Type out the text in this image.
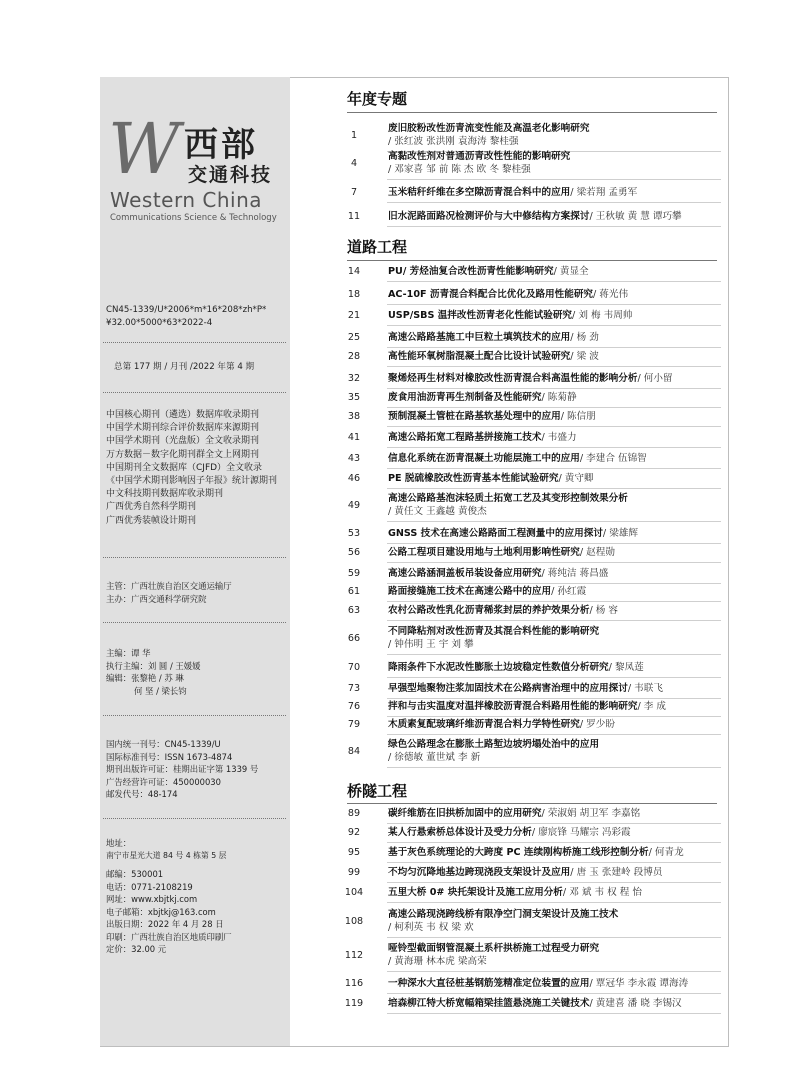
W 西部
交通科技
Western China
Communications Science & Technology
CN45-1339/U*2006*m*16*208*zh*P*
¥32.00*5000*63*2022-4
总第 177 期 / 月刊 /2022 年第 4 期
中国核心期刊（遴选）数据库收录期刊
中国学术期刊综合评价数据库来源期刊
中国学术期刊（光盘版）全文收录期刊
万方数据－数字化期刊群全文上网期刊
中国期刊全文数据库（CJFD）全文收录
《中国学术期刊影响因子年报》统计源期刊
中文科技期刊数据库收录期刊
广西优秀自然科学期刊
广西优秀装帧设计期刊
主管：广西壮族自治区交通运输厅
主办：广西交通科学研究院
主编：谭 华
执行主编：刘 圆 / 王媛媛
编辑：张黎艳 / 苏 琳
何 坚 / 梁长钧
国内统一刊号：CN45-1339/U
国际标准刊号：ISSN 1673-4874
期刊出版许可证：桂期出证字第 1339 号
广告经营许可证：450000030
邮发代号：48-174
地址：
南宁市星光大道 84 号 4 栋第 5 层
邮编：530001
电话：0771-2108219
网址：www.xbjtkj.com
电子邮箱：xbjtkj@163.com
出版日期：2022 年 4 月 28 日
印刷：广西壮族自治区地质印刷厂
定价：32.00 元
年度专题
道路工程
桥隧工程
1
废旧胶粉改性沥青流变性能及高温老化影响研究
/ 张红波 张洪刚 袁海涛 黎桂强
4
高黏改性剂对普通沥青改性性能的影响研究
/ 邓家喜 邹 前 陈 杰 欧 冬 黎桂强
7	玉米秸秆纤维在多空隙沥青混合料中的应用/ 梁若翔 孟勇军
11	旧水泥路面路况检测评价与大中修结构方案探讨/ 王秋敏 黄 慧 谭巧攀
14	PU/ 芳烃油复合改性沥青性能影响研究/ 黄显全
18	AC-10F 沥青混合料配合比优化及路用性能研究/ 蒋光伟
21	USP/SBS 温拌改性沥青老化性能试验研究/ 刘 梅 韦周帅
25	高速公路路基施工中巨粒土填筑技术的应用/ 杨 劲
28	高性能环氧树脂混凝土配合比设计试验研究/ 梁 波
32	聚烯烃再生材料对橡胶改性沥青混合料高温性能的影响分析/ 何小留
35	废食用油沥青再生剂制备及性能研究/ 陈菊静
38	预制混凝土管桩在路基软基处理中的应用/ 陈信朋
41	高速公路拓宽工程路基拼接施工技术/ 韦盛力
43	信息化系统在沥青混凝土功能层施工中的应用/ 李建合 伍锦智
46	PE 脱硫橡胶改性沥青基本性能试验研究/ 黄守卿
49
高速公路路基泡沫轻质土拓宽工艺及其变形控制效果分析
/ 黄任文 王鑫越 黄俊杰
53	GNSS 技术在高速公路路面工程测量中的应用探讨/ 梁雄辉
56	公路工程项目建设用地与土地利用影响性研究/ 赵程勋
59	高速公路涵洞盖板吊装设备应用研究/ 蒋纯洁 蒋昌盛
61	路面接缝施工技术在高速公路中的应用/ 孙红霞
63	农村公路改性乳化沥青稀浆封层的养护效果分析/ 杨 容
66
不同降粘剂对改性沥青及其混合料性能的影响研究
/ 钟伟明 王 宇 刘 攀
70	降雨条件下水泥改性膨胀土边坡稳定性数值分析研究/ 黎凤莲
73	早强型地聚物注浆加固技术在公路病害治理中的应用探讨/ 韦联飞
76	拌和与击实温度对温拌橡胶沥青混合料路用性能的影响研究/ 李 成
79	木质素复配玻璃纤维沥青混合料力学特性研究/ 罗少盼
84
绿色公路理念在膨胀土路堑边坡坍塌处治中的应用
/ 徐德敏 董世斌 李 新
89	碳纤维筋在旧拱桥加固中的应用研究/ 荣淑娟 胡卫军 李嘉铭
92	某人行悬索桥总体设计及受力分析/ 廖宸锋 马耀宗 冯彩霞
95	基于灰色系统理论的大跨度 PC 连续刚构桥施工线形控制分析/ 何青龙
99	不均匀沉降地基边跨现浇段支架设计及应用/ 唐 玉 张建岭 段博员
104	五里大桥 0# 块托架设计及施工应用分析/ 邓 斌 韦 权 程 怡
108
高速公路现浇跨线桥有限净空门洞支架设计及施工技术
/ 柯利英 韦 权 梁 欢
112
哑铃型截面钢管混凝土系杆拱桥施工过程受力研究
/ 黄海珊 林本虎 梁高荣
116	一种深水大直径桩基钢筋笼精准定位装置的应用/ 覃冠华 李永霞 谭海涛
119	培森柳江特大桥宽幅箱梁挂篮悬浇施工关键技术/ 黄建喜 潘 晓 李锡汉
